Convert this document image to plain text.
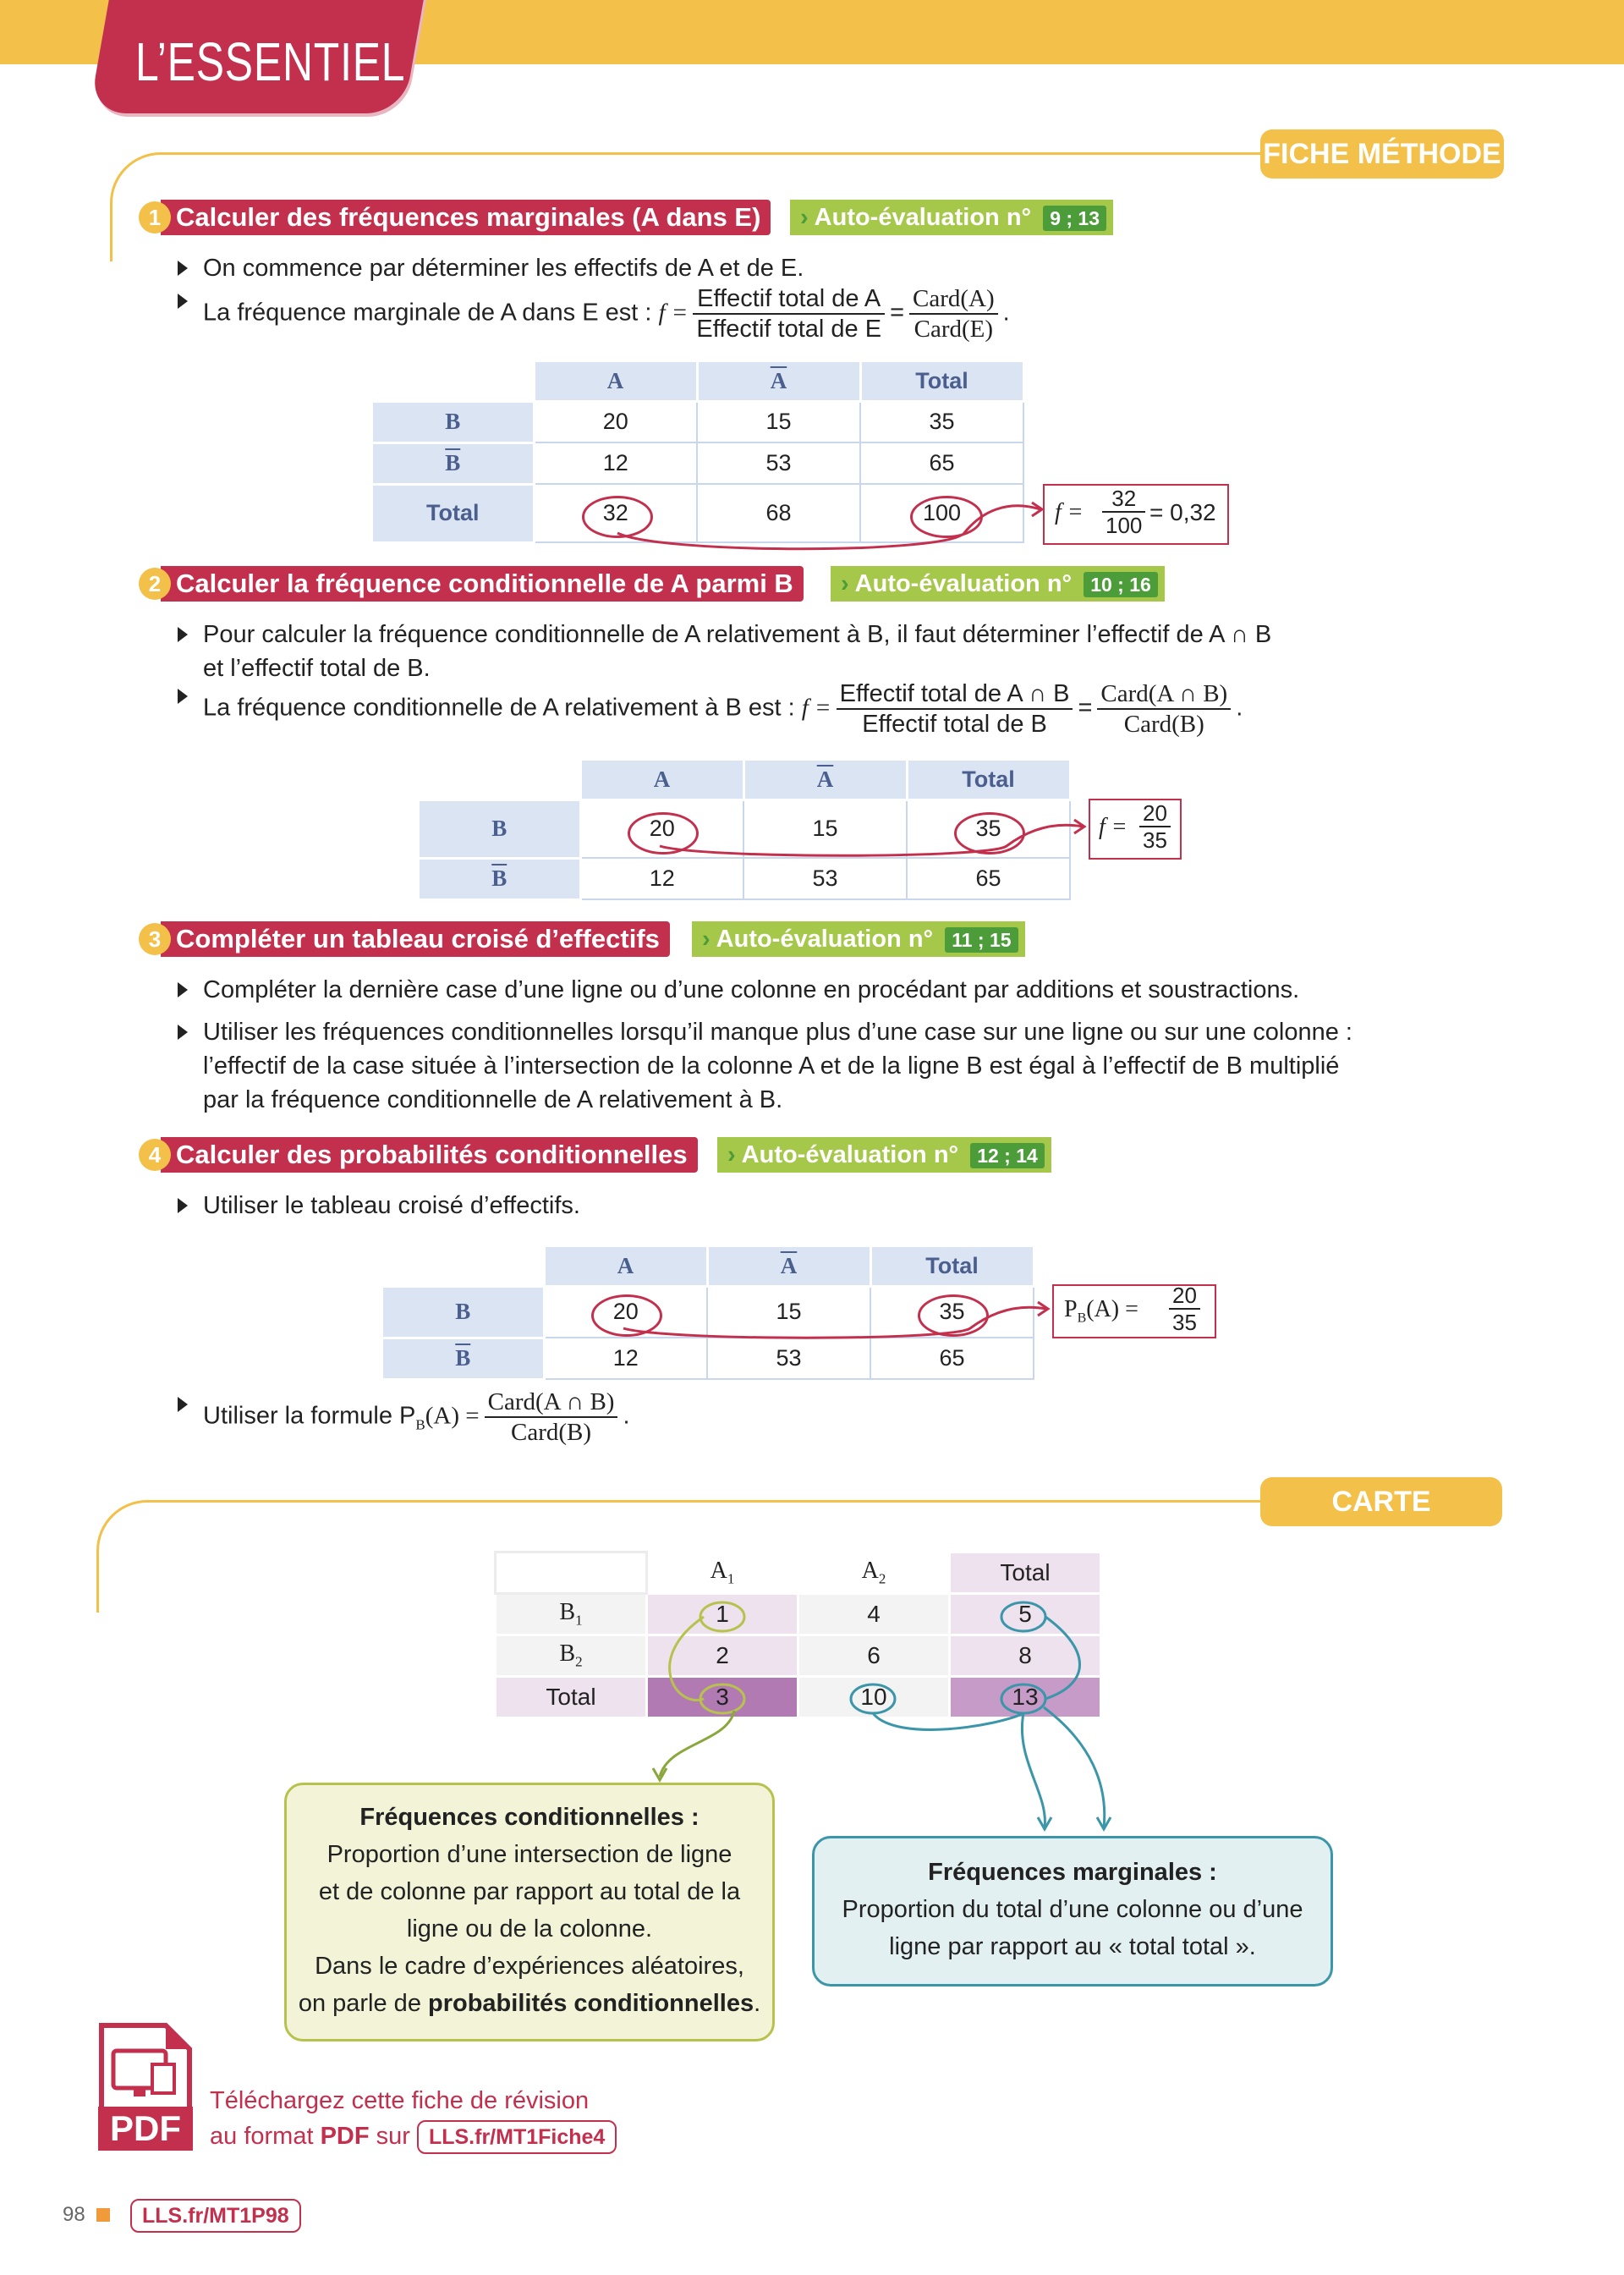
L’ESSENTIEL
FICHE MÉTHODE
Calculer des fréquences marginales (A dans E)
1	› Auto-évaluation n° 9 ; 13
On commence par déterminer les effectifs de A et de E.
La fréquence marginale de A dans E est : $f = \frac{\text{Effectif total de A}}{\text{Effectif total de E}} = \frac{\text{Card(A)}}{\text{Card(E)}}$ .
	A	$\overline{A}$	Total
B	20	15	35
$\overline{B}$	12	53	65
Total	32	68	100	$f = \frac{32}{100} = 0,32$
Calculer la fréquence conditionnelle de A parmi B
2	› Auto-évaluation n° 10 ; 16
Pour calculer la fréquence conditionnelle de A relativement à B, il faut déterminer l’effectif de A ∩ B
et l’effectif total de B.
La fréquence conditionnelle de A relativement à B est : $f = \frac{\text{Effectif total de A ∩ B}}{\text{Effectif total de B}} = \frac{\text{Card(A ∩ B)}}{\text{Card(B)}}$ .
	A	$\overline{A}$	Total
B	20	15	35
$\overline{B}$	12	53	65
$f = \frac{20}{35}$
Compléter un tableau croisé d’effectifs
3	› Auto-évaluation n° 11 ; 15
Compléter la dernière case d’une ligne ou d’une colonne en procédant par additions et soustractions.
Utiliser les fréquences conditionnelles lorsqu’il manque plus d’une case sur une ligne ou sur une colonne :
l’effectif de la case située à l’intersection de la colonne A et de la ligne B est égal à l’effectif de B multiplié
par la fréquence conditionnelle de A relativement à B.
Calculer des probabilités conditionnelles
4	› Auto-évaluation n° 12 ; 14
Utiliser le tableau croisé d’effectifs.
	A	$\overline{A}$	Total
B	20	15	35
$\overline{B}$	12	53	65
$P_B(A) = \frac{20}{35}$
Utiliser la formule $P_B(A) = \frac{\text{Card(A ∩ B)}}{\text{Card(B)}}$ .
CARTE MENTALE
	$A_1$	$A_2$	Total
$B_1$	1	4	5
$B_2$	2	6	8
Total	3	10	13
Fréquences conditionnelles :
Proportion d’une intersection de ligne
et de colonne par rapport au total de la
ligne ou de la colonne.
Dans le cadre d’expériences aléatoires,
on parle de probabilités conditionnelles.
Fréquences marginales :
Proportion du total d’une colonne ou d’une
ligne par rapport au « total total ».
PDF
Téléchargez cette fiche de révision
au format PDF sur LLS.fr/MT1Fiche4
98	LLS.fr/MT1P98
